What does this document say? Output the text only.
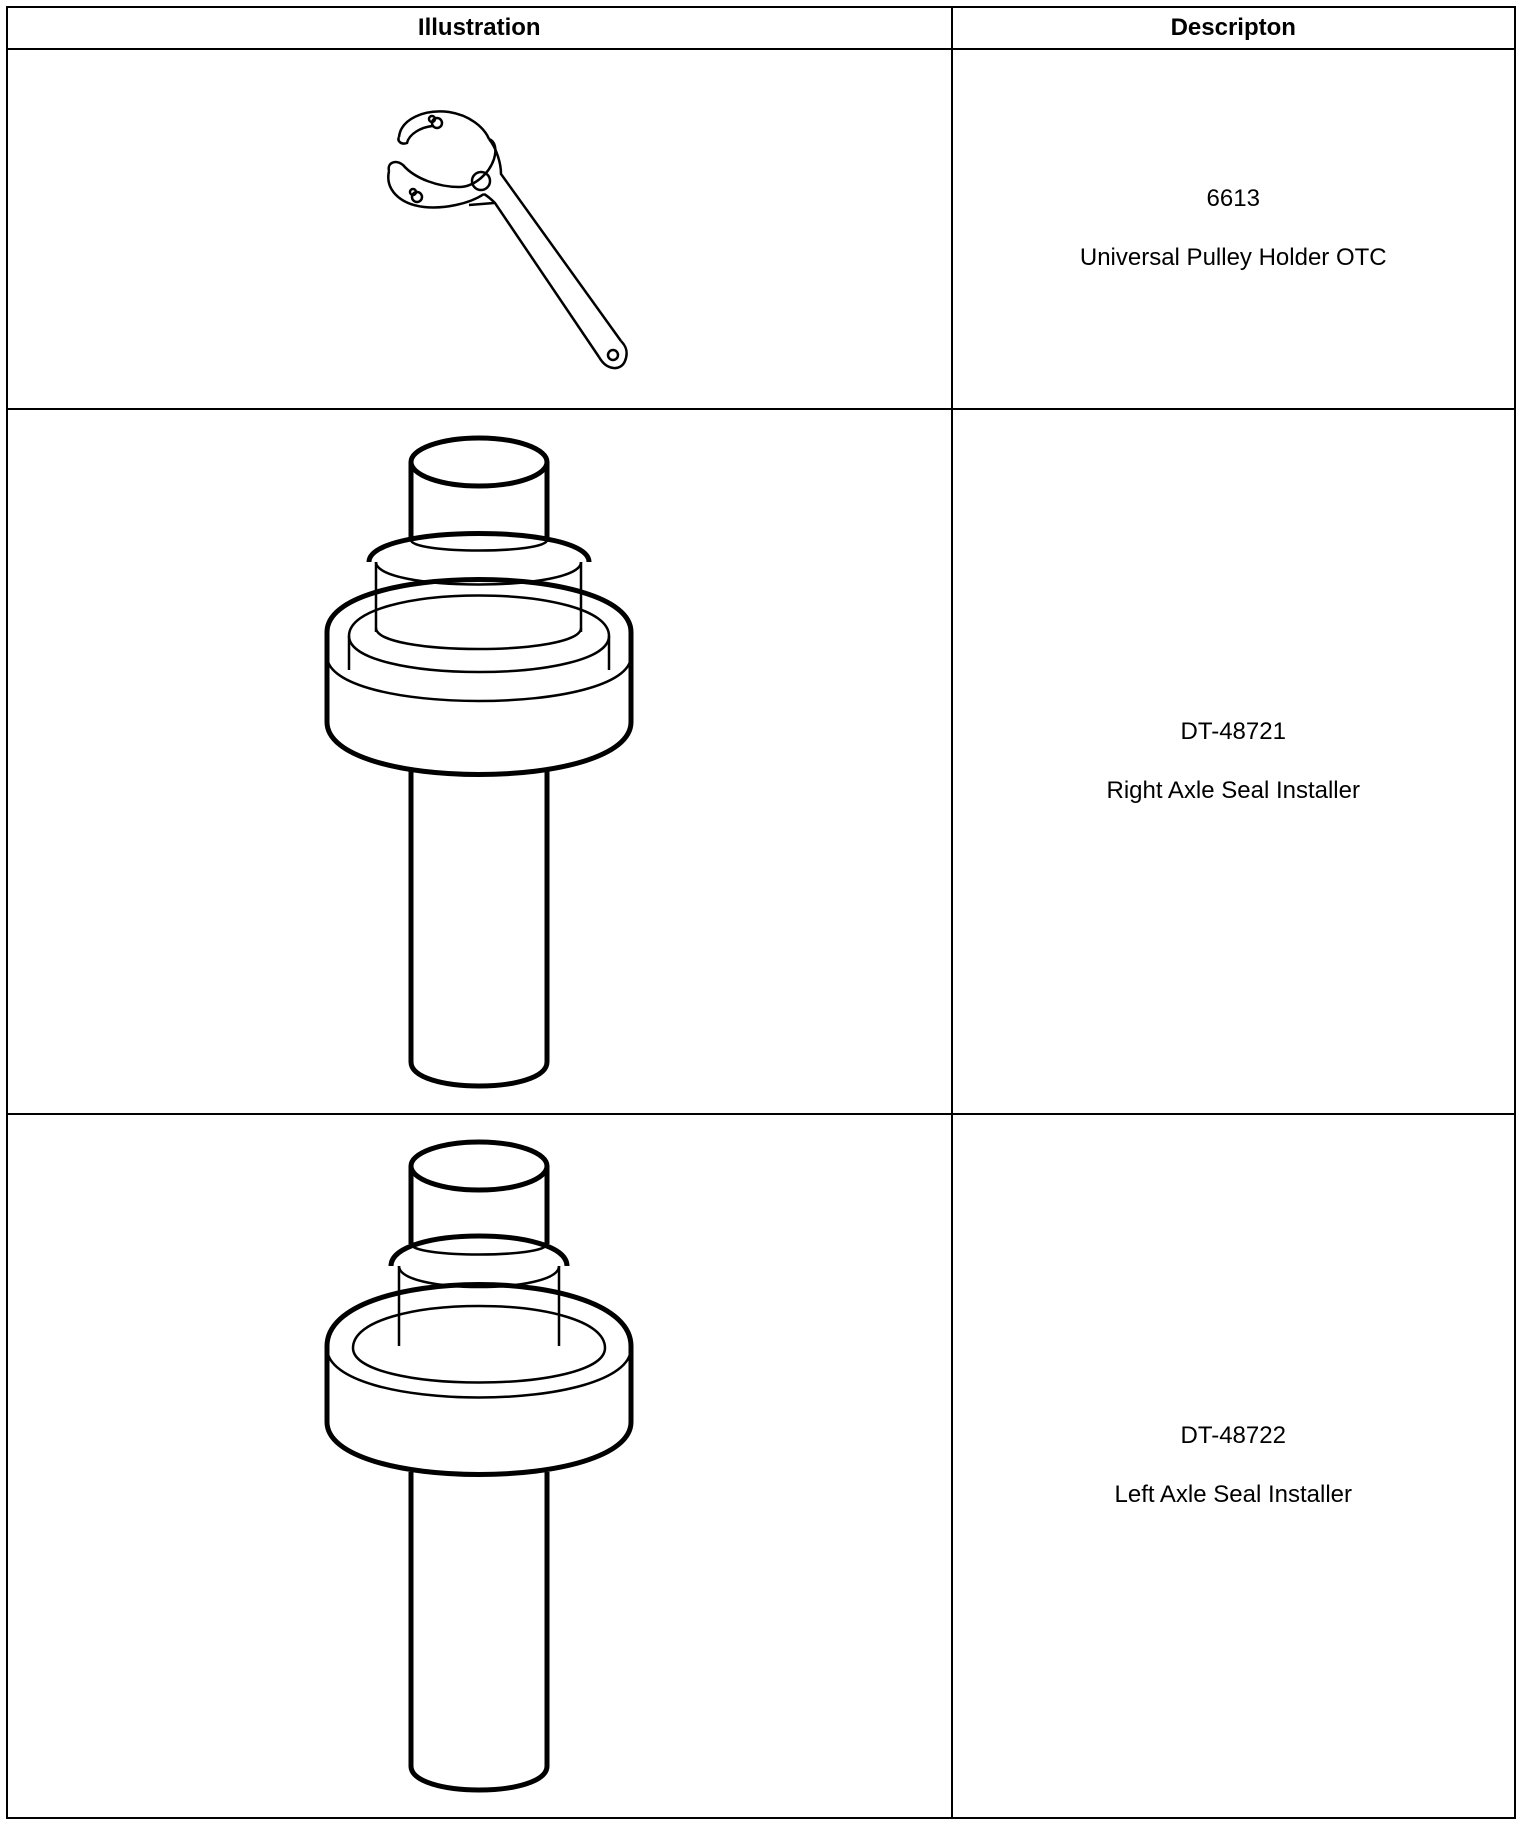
Illustration	Descripton

6613
Universal Pulley Holder OTC

DT-48721
Right Axle Seal Installer

DT-48722
Left Axle Seal Installer
